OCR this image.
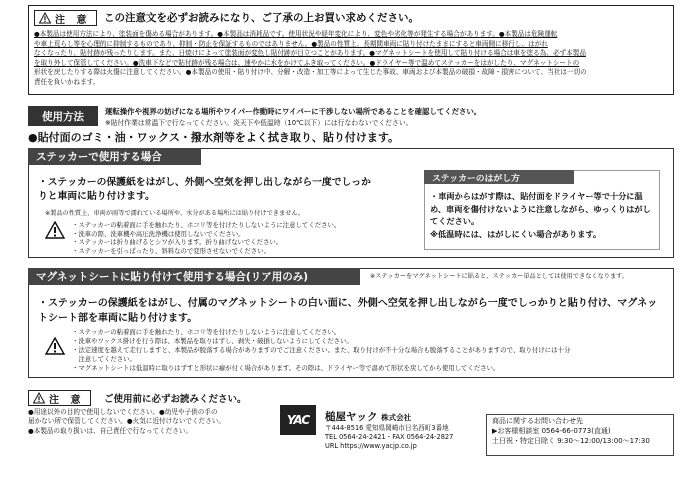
注 意 この注意文を必ずお読みになり、ご了承の上お買い求めください。
●本製品は使用方法により、塗装面を傷める場合があります。●本製品は消耗品です。使用状況や経年変化により、変色や劣化等が発生する場合があります。●本製品は危険運転
や車上荒らし等を心理的に抑制するものであり、抑制・防止を保証するものではありません。●製品の性質上、長期間車両に貼り付けたままにすると車両側に移行し、はがれ
なくなったり、貼付跡が残ったりします。また、日焼けによって塗装面が変色し貼付跡が目立つことがあります。●マグネットシートを使用して貼り付ける場合は車を塗る為、必ず本製品
を取り外して保管してください。●洗車下などで貼付跡が残る場合は、速やかに水をかけてふき取ってください。●ドライヤー等で温めてステッカーをはがしたり、マグネットシートの
形状を戻したりする際は火傷に注意してください。●本製品の使用・貼り付け中、分解・改造・加工等によって生じた事故、車両および本製品の破損・故障・損害について、当社は一切の
責任を負いかねます。
使用方法	運転操作や視界の妨げになる場所やワイパー作動時にワイパーに干渉しない場所であることを確認してください。
※貼付作業は常温下で行なってください。炎天下や低温時（10℃以下）には行なわないでください。
●貼付面のゴミ・油・ワックス・撥水剤等をよく拭き取り、貼り付けます。
ステッカーで使用する場合
・ステッカーの保護紙をはがし、外側へ空気を押し出しながら一度でしっかりと車両に貼り付けます。
※製品の性質上、車両が雨等で濡れている場所や、水分がある場所には貼り付けできません。
・ステッカーの粘着面に手を触れたり、ホコリ等を付けたりしないように注意してください。
・洗車の際、洗車機や高圧洗浄機は使用しないでください。
・ステッカーは折り曲げるとシワが入ります。折り曲げないでください。
・ステッカーを引っぱったり、斜料なので変形させないでください。
ステッカーのはがし方
・車両からはがす際は、貼付面をドライヤー等で十分に温め、車両を傷付けないように注意しながら、ゆっくりはがしてください。
※低温時には、はがしにくい場合があります。
マグネットシートに貼り付けて使用する場合(リア用のみ)	※ステッカーをマグネットシートに貼ると、ステッカー単品としては使用できなくなります。
・ステッカーの保護紙をはがし、付属のマグネットシートの白い面に、外側へ空気を押し出しながら一度でしっかりと貼り付け、マグネットシート部を車両に貼り付けます。
・ステッカーの粘着面に手を触れたり、ホコリ等を付けたりしないように注意してください。
・洗車やワックス掛けを行う際は、本製品を取りはずし、剥失・破損しないようにしてください。
・法定速度を越えて走行しますと、本製品が脱落する場合がありますのでご注意ください。また、取り付けが不十分な場合も脱落することがありますので、取り付けには十分
　注意してください。
・マグネットシートは低温時に取りはずすと形状に癖が付く場合があります。その際は、ドライヤー等で温めて形状を戻してから使用してください。
注 意 ご使用前に必ずお読みください。
●用途以外の目的で使用しないでください。●幼児や子供の手の
届かない所で保管してください。●火気に近付けないでください。
●本製品の取り扱いは、自己責任で行なってください。
YAC	槌屋ヤック 株式会社
〒444-8516 愛知県岡崎市日名西町3番地
TEL 0564-24-2421・FAX 0564-24-2827
URL https://www.yacjp.co.jp
商品に関するお問い合わせ先
▶お客様相談室 0564-66-0773(直通)
土日祝・特定日除く 9:30～12:00/13:00～17:30
